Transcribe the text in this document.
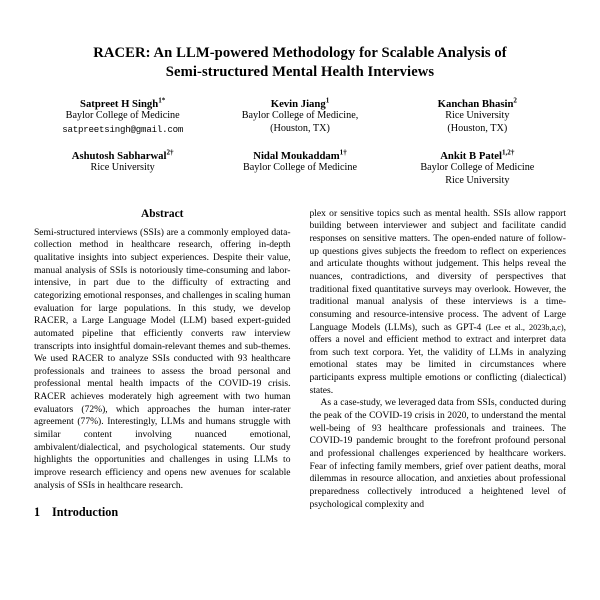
RACER: An LLM-powered Methodology for Scalable Analysis of
Semi-structured Mental Health Interviews
Satpreet H Singh$^{1*}$
Baylor College of Medicine
satpreetsingh@gmail.com
Kevin Jiang$^1$
Baylor College of Medicine,
(Houston, TX)
Kanchan Bhasin$^2$
Rice University
(Houston, TX)
Ashutosh Sabharwal$^{2\dagger}$
Rice University
Nidal Moukaddam$^{1\dagger}$
Baylor College of Medicine
Ankit B Patel$^{1,2\dagger}$
Baylor College of Medicine
Rice University
Abstract

Semi-structured interviews (SSIs) are a commonly employed data-collection method in healthcare research, offering in-depth qualitative insights into subject experiences. Despite their value, manual analysis of SSIs is notoriously time-consuming and labor-intensive, in part due to the difficulty of extracting and categorizing emotional responses, and challenges in scaling human evaluation for large populations. In this study, we develop RACER, a Large Language Model (LLM) based expert-guided automated pipeline that efficiently converts raw interview transcripts into insightful domain-relevant themes and sub-themes. We used RACER to analyze SSIs conducted with 93 healthcare professionals and trainees to assess the broad personal and professional mental health impacts of the COVID-19 crisis. RACER achieves moderately high agreement with two human evaluators (72%), which approaches the human inter-rater agreement (77%). Interestingly, LLMs and humans struggle with similar content involving nuanced emotional, ambivalent/dialectical, and psychological statements. Our study highlights the opportunities and challenges in using LLMs to improve research efficiency and opens new avenues for scalable analysis of SSIs in healthcare research.

1 Introduction

plex or sensitive topics such as mental health. SSIs allow rapport building between interviewer and subject and facilitate candid responses on sensitive matters. The open-ended nature of follow-up questions gives subjects the freedom to reflect on experiences and articulate thoughts without judgement. This helps reveal the nuances, contradictions, and diversity of perspectives that traditional fixed quantitative surveys may overlook. However, the traditional manual analysis of these interviews is a time-consuming and resource-intensive process. The advent of Large Language Models (LLMs), such as GPT-4 (Lee et al., 2023b,a,c), offers a novel and efficient method to extract and interpret data from such text corpora. Yet, the validity of LLMs in analyzing emotional states may be limited in circumstances where participants express multiple emotions or conflicting (dialectical) states.

As a case-study, we leveraged data from SSIs, conducted during the peak of the COVID-19 crisis in 2020, to understand the mental well-being of 93 healthcare professionals and trainees. The COVID-19 pandemic brought to the forefront profound personal and professional challenges experienced by healthcare workers. Fear of infecting family members, grief over patient deaths, moral dilemmas in resource allocation, and anxieties about professional preparedness collectively introduced a heightened level of psychological complexity and
